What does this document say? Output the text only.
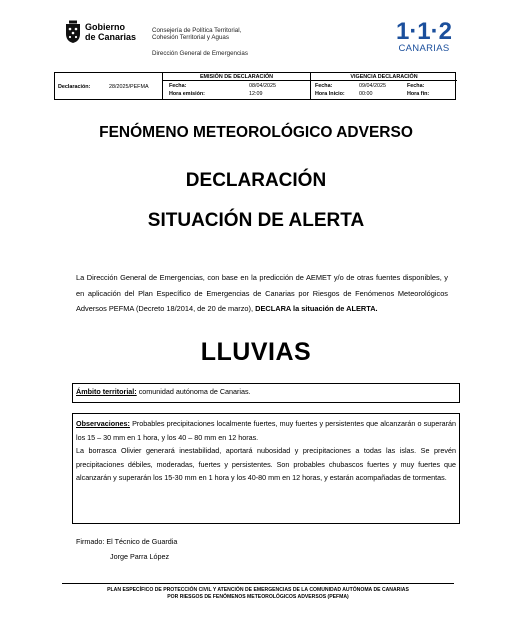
Gobierno
de Canarias
Consejería de Política Territorial,
Cohesión Territorial y Aguas
Dirección General de Emergencias
1·1·2
CANARIAS
Declaración:	28/2025/PEFMA
EMISIÓN DE DECLARACIÓN
Fecha:	08/04/2025
Hora emisión:	12:09
VIGENCIA DECLARACIÓN
Fecha:	09/04/2025
Hora Inicio:	00:00
Fecha:
Hora fin:
FENÓMENO METEOROLÓGICO ADVERSO
DECLARACIÓN
SITUACIÓN DE ALERTA
La Dirección General de Emergencias, con base en la predicción de AEMET y/o de otras fuentes disponibles, y en aplicación del Plan Específico de Emergencias de Canarias por Riesgos de Fenómenos Meteorológicos Adversos PEFMA (Decreto 18/2014, de 20 de marzo), DECLARA la situación de ALERTA.
LLUVIAS
Ámbito territorial: comunidad autónoma de Canarias.

Observaciones: Probables precipitaciones localmente fuertes, muy fuertes y persistentes que alcanzarán o superarán los 15 – 30 mm en 1 hora, y los 40 – 80 mm en 12 horas.

La borrasca Olivier generará inestabilidad, aportará nubosidad y precipitaciones a todas las islas. Se prevén precipitaciones débiles, moderadas, fuertes y persistentes. Son probables chubascos fuertes y muy fuertes que alcanzarán y superarán los 15-30 mm en 1 hora y los 40-80 mm en 12 horas, y estarán acompañadas de tormentas.

Firmado: El Técnico de Guardia
Jorge Parra López
PLAN ESPECÍFICO DE PROTECCIÓN CIVIL Y ATENCIÓN DE EMERGENCIAS DE LA COMUNIDAD AUTÓNOMA DE CANARIAS
POR RIESGOS DE FENÓMENOS METEOROLÓGICOS ADVERSOS (PEFMA)
